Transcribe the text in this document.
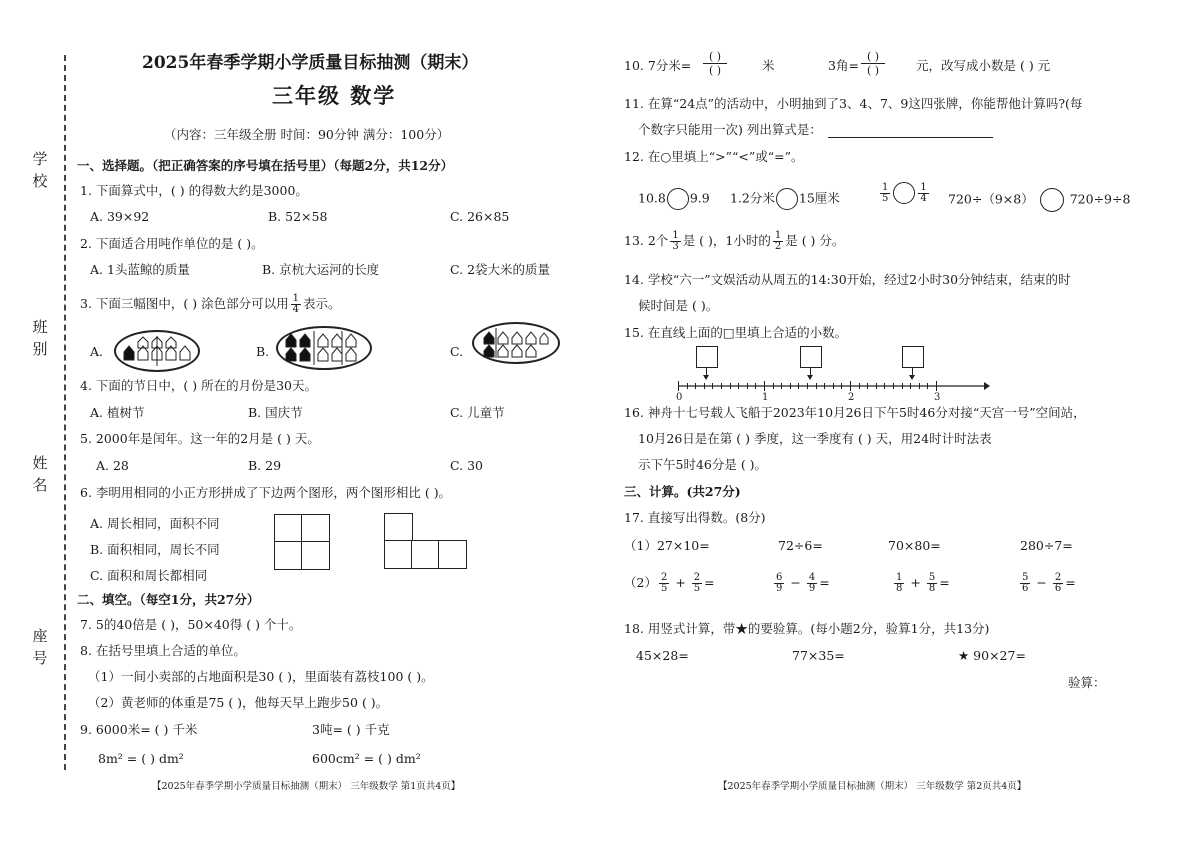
学
校
班
别
姓
名
座
号
2025年春季学期小学质量目标抽测（期末）
三年级 数学
（内容：三年级全册 时间：90分钟 满分：100分）
一、选择题。（把正确答案的序号填在括号里）（每题2分，共12分）
1. 下面算式中，( ) 的得数大约是3000。
A. 39×92	B. 52×58	C. 26×85
2. 下面适合用吨作单位的是 ( )。
A. 1头蓝鲸的质量	B. 京杭大运河的长度	C. 2袋大米的质量
3. 下面三幅图中，( ) 涂色部分可以用 $\frac{1}{4}$ 表示。
A.	B.	C.
4. 下面的节日中，( ) 所在的月份是30天。
A. 植树节	B. 国庆节	C. 儿童节
5. 2000年是闰年。这一年的2月是 ( ) 天。
A. 28	B. 29	C. 30
6. 李明用相同的小正方形拼成了下边两个图形，两个图形相比 ( )。
A. 周长相同，面积不同
B. 面积相同，周长不同
C. 面积和周长都相同
二、填空。（每空1分，共27分）
7. 5的40倍是 ( )，50×40得 ( ) 个十。
8. 在括号里填上合适的单位。
（1）一间小卖部的占地面积是30 ( )，里面装有荔枝100 ( )。
（2）黄老师的体重是75 ( )，他每天早上跑步50 ( )。
9. 6000米= ( ) 千米	3吨= ( ) 千克
8m² = ( ) dm²	600cm² = ( ) dm²
【2025年春季学期小学质量目标抽测（期末） 三年级数学 第1页共4页】
10. 7分米=
( )
( )	米	3角=
( )
( )	元，改写成小数是 ( ) 元
11. 在算“24点”的活动中，小明抽到了3、4、7、9这四张牌，你能帮他计算吗?(每
个数字只能用一次) 列出算式是：
12. 在○里填上“>”“<”或“=”。
10.8 9.9 1.2分米 15厘米	$\frac{1}{5}$	$\frac{1}{4} 720\div(9\times 8)$	720÷9÷8
13. 2个 $\frac{1}{3}$ 是 ( )，1小时的 $\frac{1}{2}$ 是 ( ) 分。
14. 学校“六一”文娱活动从周五的14:30开始，经过2小时30分钟结束，结束的时
候时间是 ( )。
15. 在直线上面的□里填上合适的小数。
0	1	2	3
16. 神舟十七号载人飞船于2023年10月26日下午5时46分对接“天宫一号”空间站，
10月26日是在第 ( ) 季度，这一季度有 ( ) 天，用24时计时法表
示下午5时46分是 ( )。
三、计算。(共27分)
17. 直接写出得数。(8分)
（1）27×10=	72÷6=	70×80=	280÷7=
$(2) \frac{2}{5} + \frac{2}{5}$ =	$\frac{6}{9} - \frac{4}{9}$ =	$\frac{1}{8} + \frac{5}{8}$ =	$\frac{5}{6} - \frac{2}{6}$ =
18. 用竖式计算，带★的要验算。(每小题2分，验算1分，共13分)
45×28=	77×35=	★ 90×27=
验算：
【2025年春季学期小学质量目标抽测（期末） 三年级数学 第2页共4页】
